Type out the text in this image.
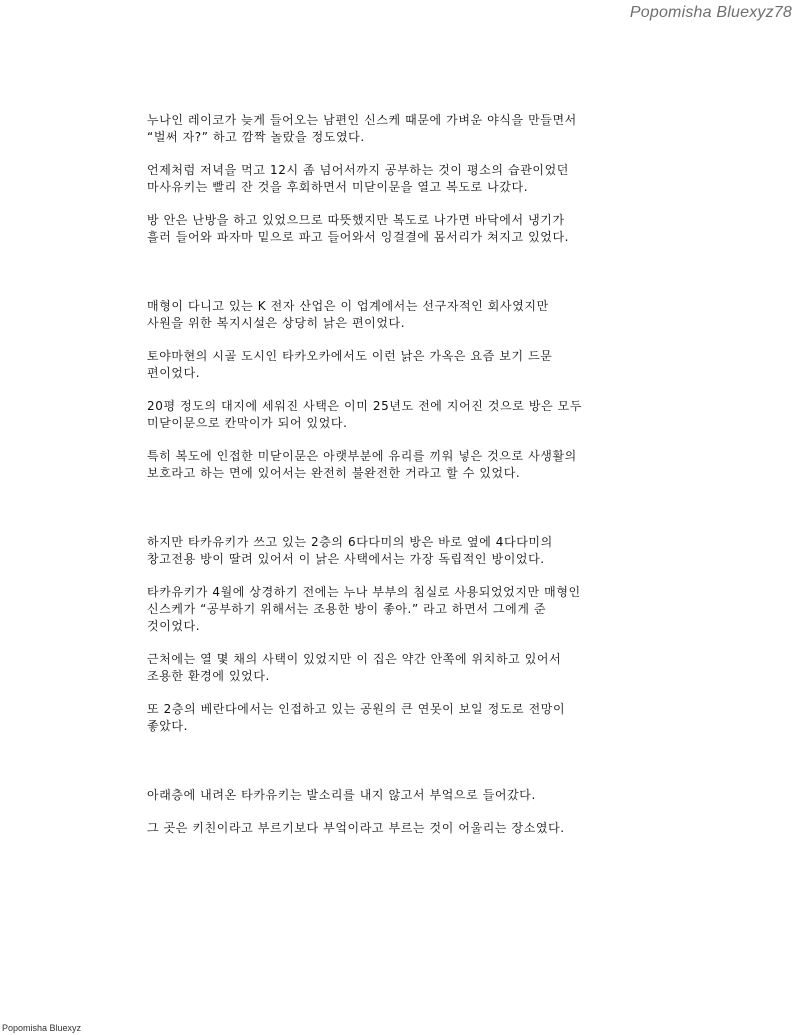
Popomisha Bluexyz78

누나인 레이코가 늦게 들어오는 남편인 신스케 때문에 가벼운 야식을 만들면서
“벌써 자?” 하고 깜짝 놀랐을 정도였다.

언제처럼 저녁을 먹고 12시 좀 넘어서까지 공부하는 것이 평소의 습관이었던
마사유키는 빨리 잔 것을 후회하면서 미닫이문을 열고 복도로 나갔다.

방 안은 난방을 하고 있었으므로 따뜻했지만 복도로 나가면 바닥에서 냉기가
흘러 들어와 파자마 밑으로 파고 들어와서 잉걸결에 몸서리가 쳐지고 있었다.

매형이 다니고 있는 K 전자 산업은 이 업계에서는 선구자적인 회사였지만
사원을 위한 복지시설은 상당히 낡은 편이었다.

토야마현의 시골 도시인 타카오카에서도 이런 낡은 가옥은 요즘 보기 드문
편이었다.

20평 정도의 대지에 세워진 사택은 이미 25년도 전에 지어진 것으로 방은 모두
미닫이문으로 칸막이가 되어 있었다.

특히 복도에 인접한 미닫이문은 아랫부분에 유리를 끼워 넣은 것으로 사생활의
보호라고 하는 면에 있어서는 완전히 불완전한 거라고 할 수 있었다.

하지만 타카유키가 쓰고 있는 2층의 6다다미의 방은 바로 옆에 4다다미의
창고전용 방이 딸려 있어서 이 낡은 사택에서는 가장 독립적인 방이었다.

타카유키가 4월에 상경하기 전에는 누나 부부의 침실로 사용되었었지만 매형인
신스케가 “공부하기 위해서는 조용한 방이 좋아.” 라고 하면서 그에게 준
것이었다.

근처에는 열 몇 채의 사택이 있었지만 이 집은 약간 안쪽에 위치하고 있어서
조용한 환경에 있었다.

또 2층의 베란다에서는 인접하고 있는 공원의 큰 연못이 보일 정도로 전망이
좋았다.

아래층에 내려온 타카유키는 발소리를 내지 않고서 부엌으로 들어갔다.

그 곳은 키친이라고 부르기보다 부엌이라고 부르는 것이 어울리는 장소였다.

Popomisha Bluexyz
